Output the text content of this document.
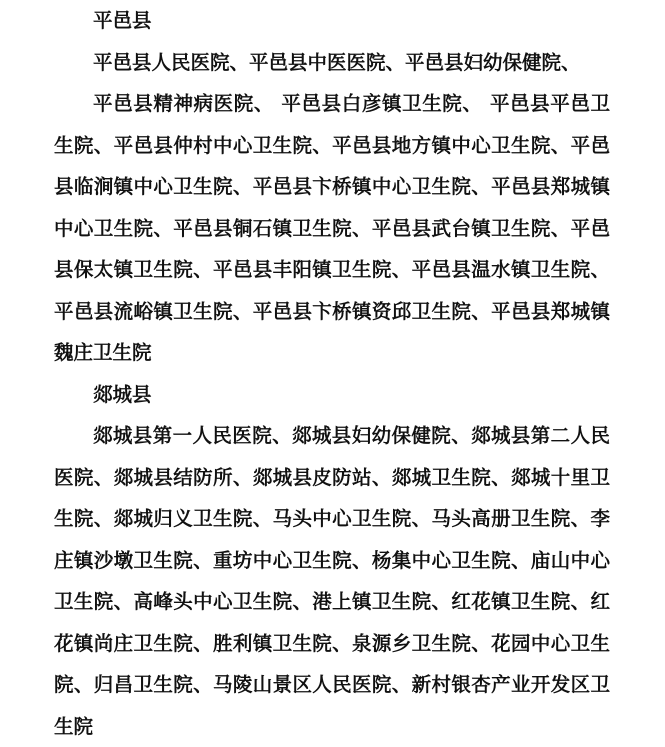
平邑县

平邑县人民医院、平邑县中医医院、平邑县妇幼保健院、

平邑县精神病医院、 平邑县白彦镇卫生院、 平邑县平邑卫生院、平邑县仲村中心卫生院、平邑县地方镇中心卫生院、平邑县临涧镇中心卫生院、平邑县卞桥镇中心卫生院、平邑县郑城镇中心卫生院、平邑县铜石镇卫生院、平邑县武台镇卫生院、平邑县保太镇卫生院、平邑县丰阳镇卫生院、平邑县温水镇卫生院、平邑县流峪镇卫生院、平邑县卞桥镇资邱卫生院、平邑县郑城镇魏庄卫生院

郯城县

郯城县第一人民医院、郯城县妇幼保健院、郯城县第二人民医院、郯城县结防所、郯城县皮防站、郯城卫生院、郯城十里卫生院、郯城归义卫生院、马头中心卫生院、马头高册卫生院、李庄镇沙墩卫生院、重坊中心卫生院、杨集中心卫生院、庙山中心卫生院、高峰头中心卫生院、港上镇卫生院、红花镇卫生院、红花镇尚庄卫生院、胜利镇卫生院、泉源乡卫生院、花园中心卫生院、归昌卫生院、马陵山景区人民医院、新村银杏产业开发区卫生院
